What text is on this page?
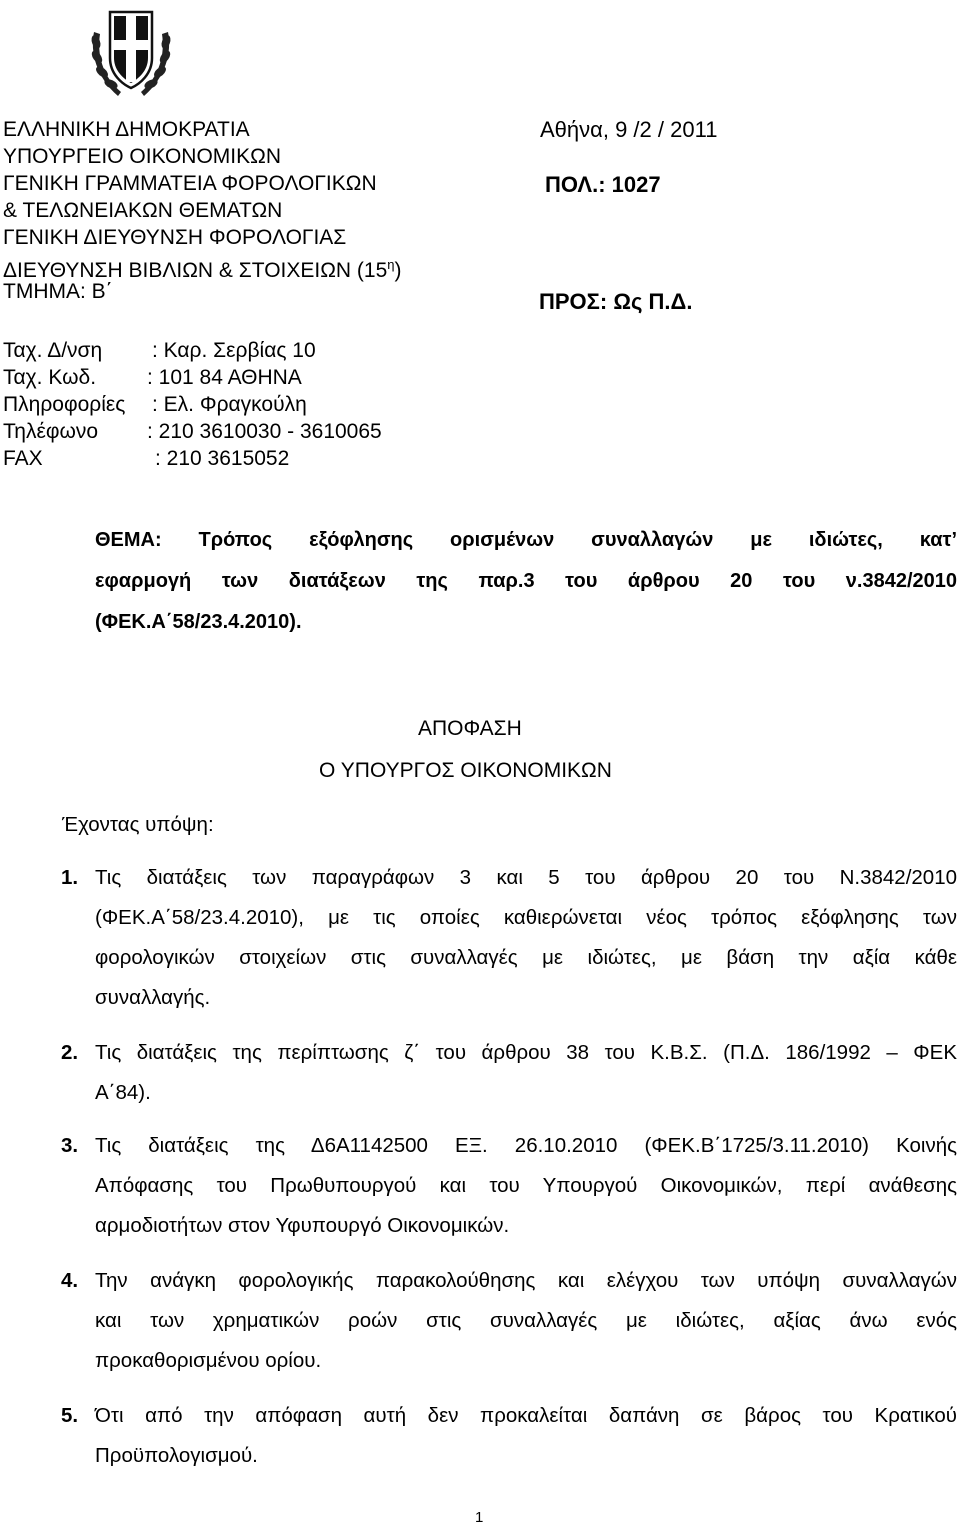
ΕΛΛΗΝΙΚΗ ΔΗΜΟΚΡΑΤΙΑ
ΥΠΟΥΡΓΕΙΟ ΟΙΚΟΝΟΜΙΚΩΝ
ΓΕΝΙΚΗ ΓΡΑΜΜΑΤΕΙΑ ΦΟΡΟΛΟΓΙΚΩΝ
& ΤΕΛΩΝΕΙΑΚΩΝ ΘΕΜΑΤΩΝ
ΓΕΝΙΚΗ ΔΙΕΥΘΥΝΣΗ ΦΟΡΟΛΟΓΙΑΣ
ΔΙΕΥΘΥΝΣΗ ΒΙΒΛΙΩΝ & ΣΤΟΙΧΕΙΩΝ $(15^\eta)$
ΤΜΗΜΑ: Β΄
Αθήνα, 9 /2 / 2011
ΠΟΛ.: 1027
ΠΡΟΣ: Ως Π.Δ.
Ταχ. Δ/νση : Καρ. Σερβίας 10
Ταχ. Κωδ. : 101 84 ΑΘΗΝΑ
Πληροφορίες : Ελ. Φραγκούλη
Τηλέφωνο : 210 3610030 - 3610065
FAX	: 210 3615052
ΘΕΜΑ: Τρόπος εξόφλησης ορισμένων συναλλαγών με ιδιώτες, κατ’
εφαρμογή των διατάξεων της παρ.3 του άρθρου 20 του ν.3842/2010
(ΦΕΚ.Α΄58/23.4.2010).
ΑΠΟΦΑΣΗ
Ο ΥΠΟΥΡΓΟΣ ΟΙΚΟΝΟΜΙΚΩΝ
Έχοντας υπόψη:
1. Τις διατάξεις των παραγράφων 3 και 5 του άρθρου 20 του Ν.3842/2010
(ΦΕΚ.Α΄58/23.4.2010), με τις οποίες καθιερώνεται νέος τρόπος εξόφλησης των
φορολογικών στοιχείων στις συναλλαγές με ιδιώτες, με βάση την αξία κάθε
συναλλαγής.
2. Τις διατάξεις της περίπτωσης ζ΄ του άρθρου 38 του Κ.Β.Σ. (Π.Δ. 186/1992 – ΦΕΚ
Α΄84).
3. Τις διατάξεις της Δ6Α1142500 ΕΞ. 26.10.2010 (ΦΕΚ.Β΄1725/3.11.2010) Κοινής
Απόφασης του Πρωθυπουργού και του Υπουργού Οικονομικών, περί ανάθεσης
αρμοδιοτήτων στον Υφυπουργό Οικονομικών.
4. Την ανάγκη φορολογικής παρακολούθησης και ελέγχου των υπόψη συναλλαγών
και των χρηματικών ροών στις συναλλαγές με ιδιώτες, αξίας άνω ενός
προκαθορισμένου ορίου.
5. Ότι από την απόφαση αυτή δεν προκαλείται δαπάνη σε βάρος του Κρατικού
Προϋπολογισμού.
1
